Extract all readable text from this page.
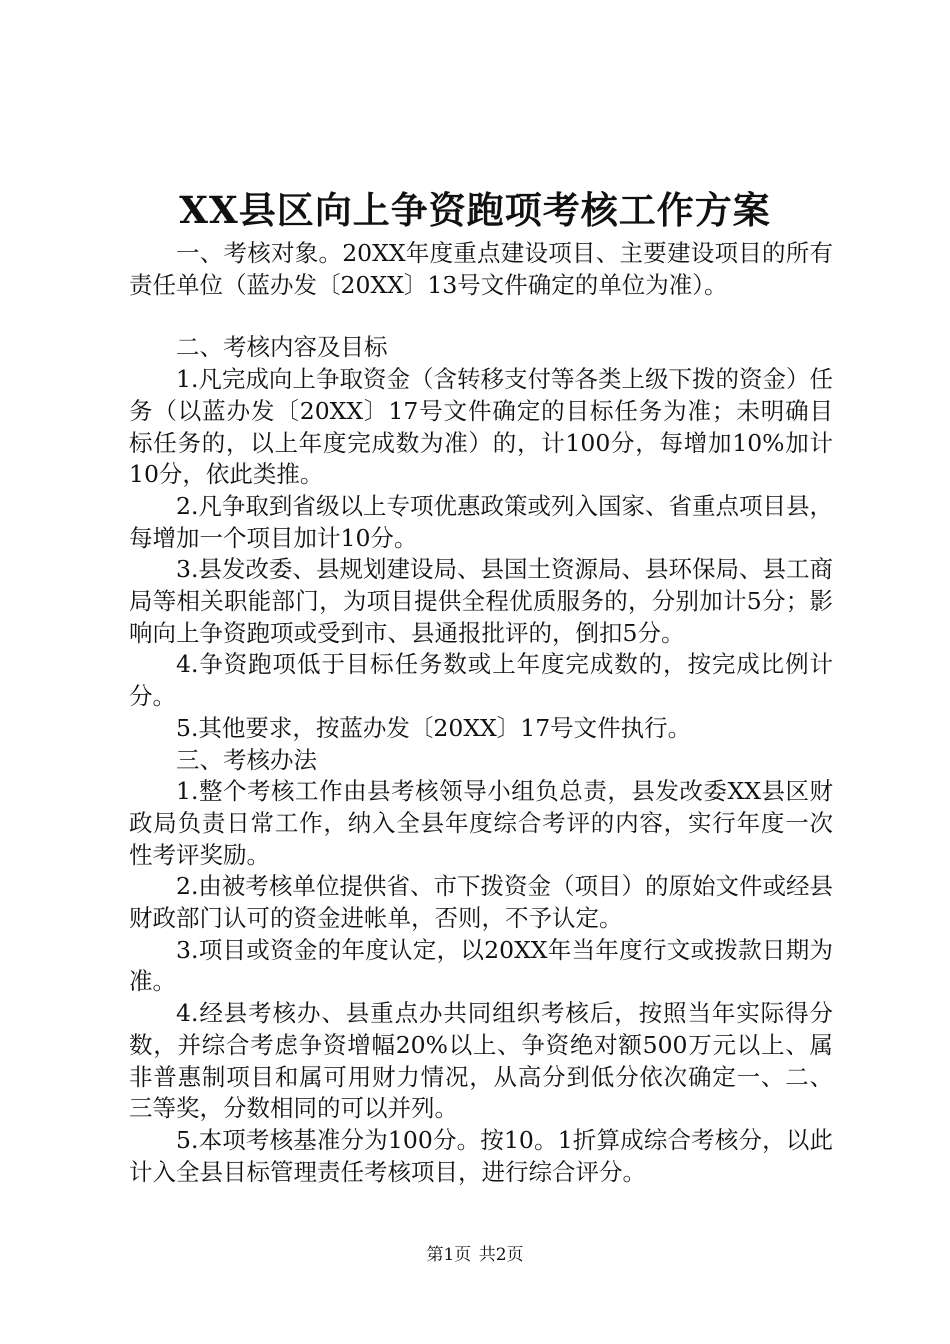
XX县区向上争资跑项考核工作方案

一、考核对象。20XX年度重点建设项目、主要建设项目的所有责任单位（蓝办发〔20XX〕13号文件确定的单位为准）。

二、考核内容及目标

1.凡完成向上争取资金（含转移支付等各类上级下拨的资金）任务（以蓝办发〔20XX〕17号文件确定的目标任务为准；未明确目标任务的，以上年度完成数为准）的，计100分，每增加10%加计10分，依此类推。

2.凡争取到省级以上专项优惠政策或列入国家、省重点项目县，每增加一个项目加计10分。

3.县发改委、县规划建设局、县国土资源局、县环保局、县工商局等相关职能部门，为项目提供全程优质服务的，分别加计5分；影响向上争资跑项或受到市、县通报批评的，倒扣5分。

4.争资跑项低于目标任务数或上年度完成数的，按完成比例计分。

5.其他要求，按蓝办发〔20XX〕17号文件执行。

三、考核办法

1.整个考核工作由县考核领导小组负总责，县发改委XX县区财政局负责日常工作，纳入全县年度综合考评的内容，实行年度一次性考评奖励。

2.由被考核单位提供省、市下拨资金（项目）的原始文件或经县财政部门认可的资金进帐单，否则，不予认定。

3.项目或资金的年度认定，以20XX年当年度行文或拨款日期为准。

4.经县考核办、县重点办共同组织考核后，按照当年实际得分数，并综合考虑争资增幅20%以上、争资绝对额500万元以上、属非普惠制项目和属可用财力情况，从高分到低分依次确定一、二、三等奖，分数相同的可以并列。

5.本项考核基准分为100分。按10。1折算成综合考核分，以此计入全县目标管理责任考核项目，进行综合评分。

第1页 共2页
